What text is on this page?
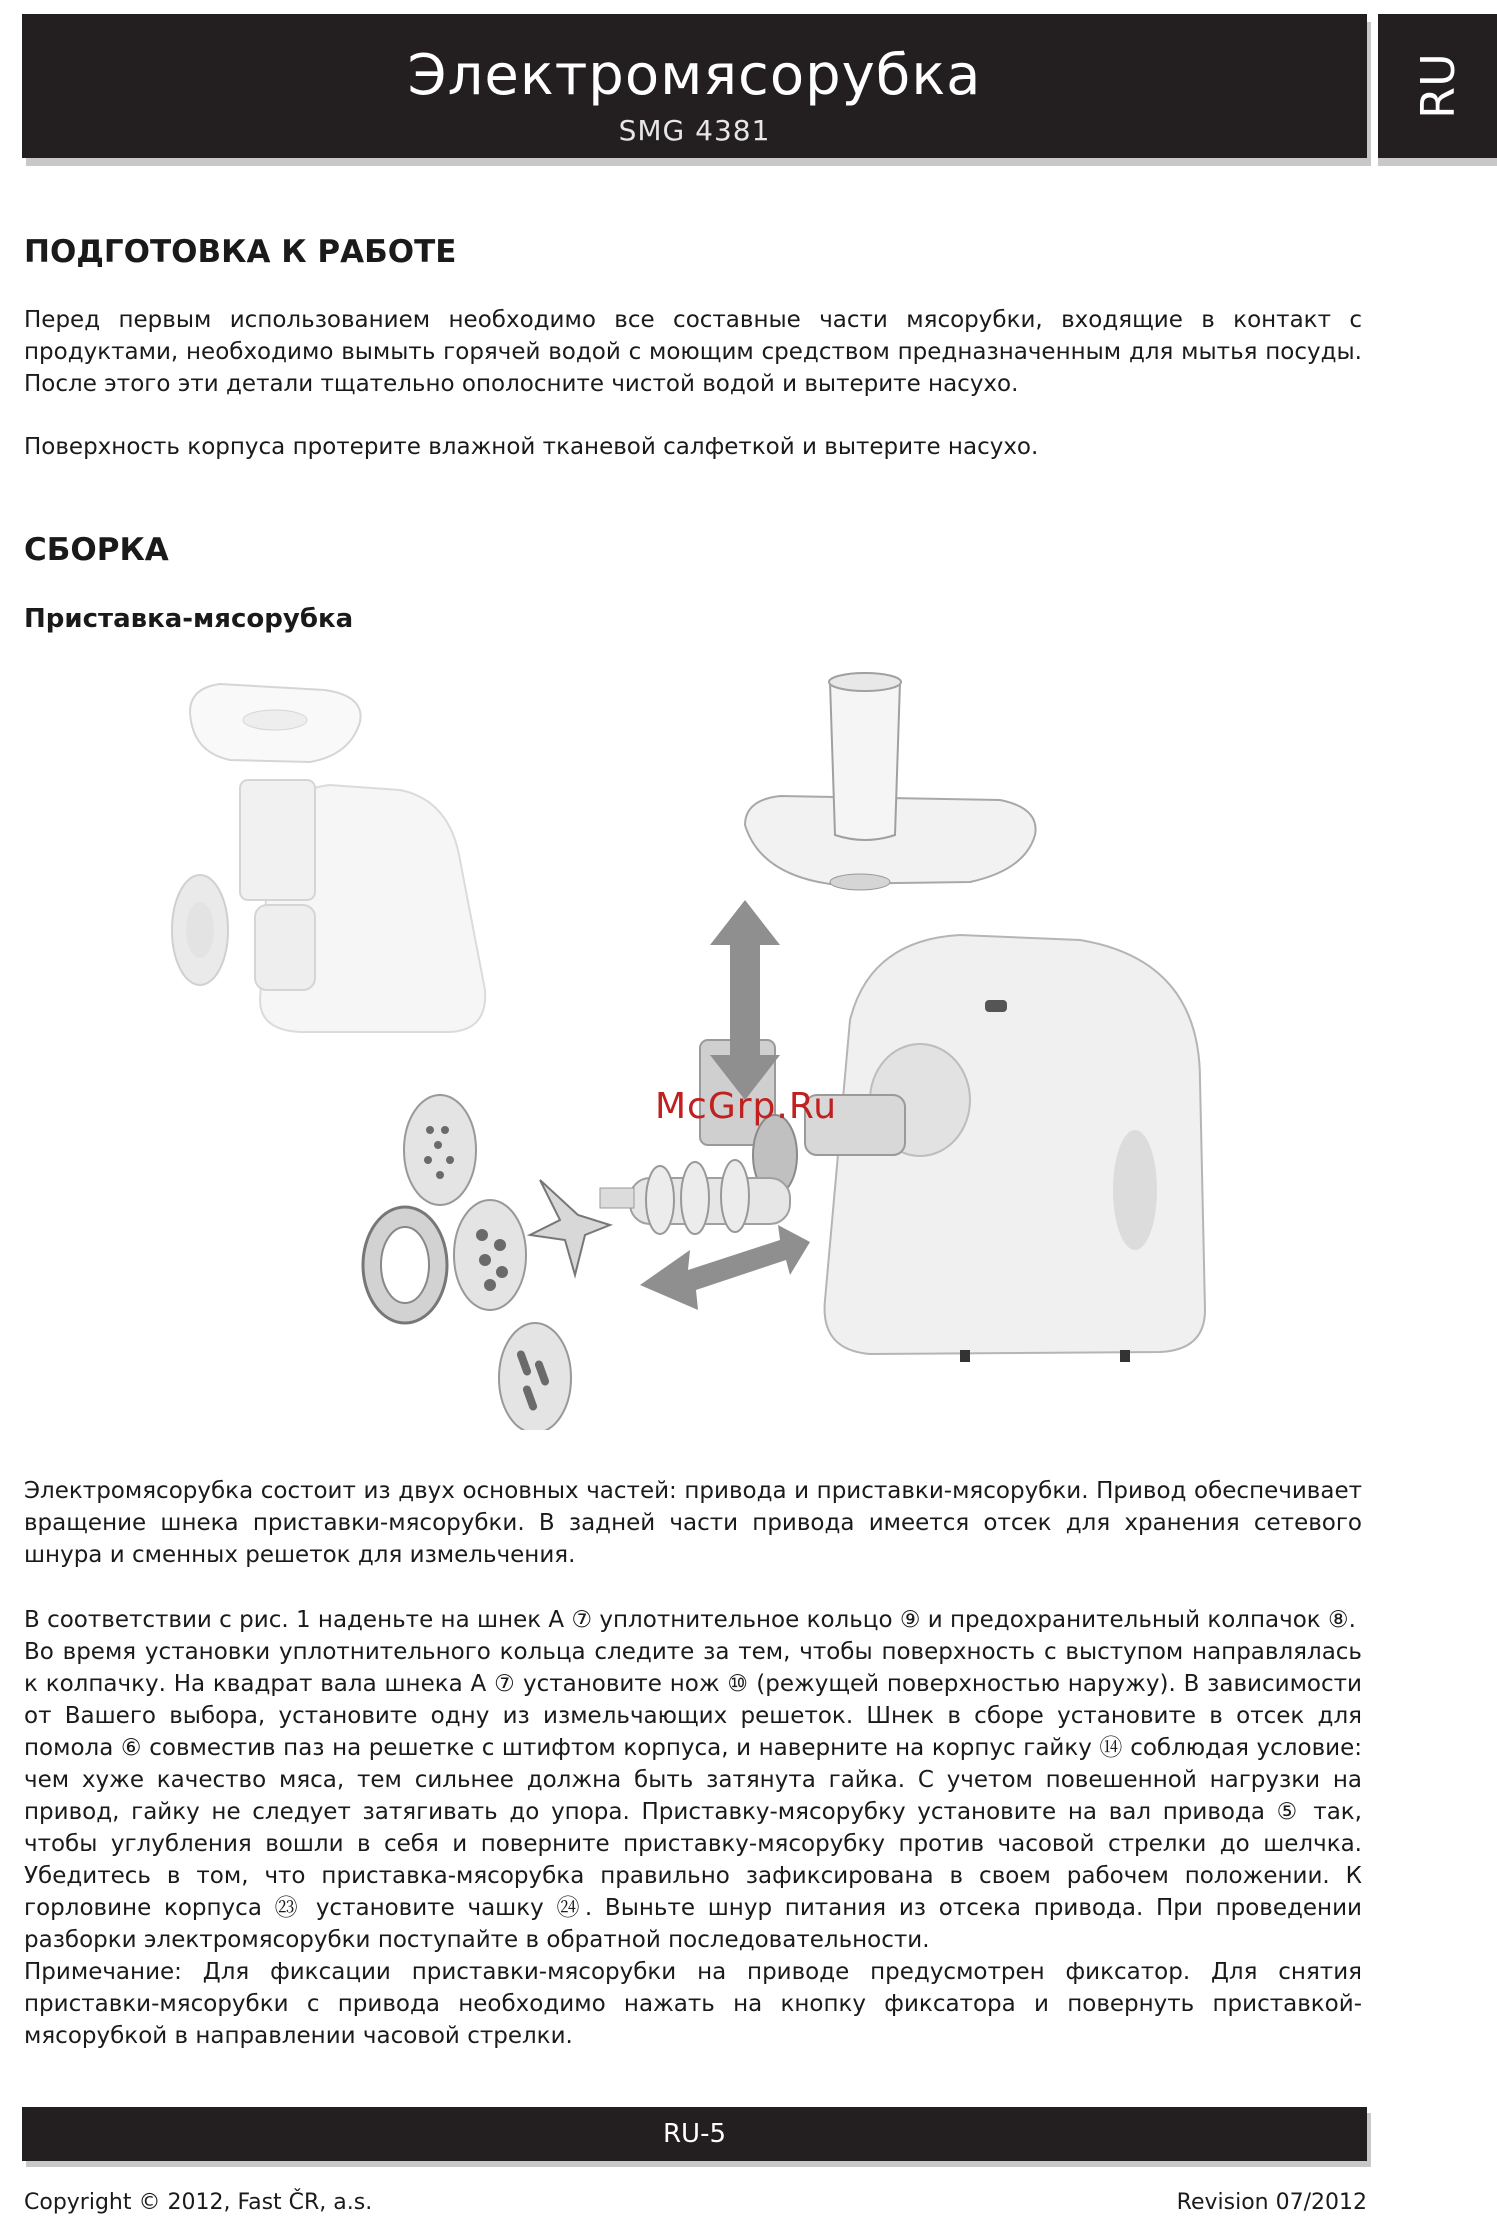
Электромясорубка
SMG 4381
RU
ПОДГОТОВКА К РАБОТЕ

Перед первым использованием необходимо все составные части мясорубки, входящие в контакт с продуктами, необходимо вымыть горячей водой с моющим средством предназначенным для мытья посуды. После этого эти детали тщательно ополосните чистой водой и вытерите насухо.

Поверхность корпуса протерите влажной тканевой салфеткой и вытерите насухо.

СБОРКА
Приставка-мясорубка
McGrp.Ru

Электромясорубка состоит из двух основных частей: привода и приставки-мясорубки. Привод обеспечивает вращение шнека приставки-мясорубки. В задней части привода имеется отсек для хранения сетевого шнура и сменных решеток для измельчения.

В соответствии с рис. 1 наденьте на шнек А ⑦ уплотнительное кольцо ⑨ и предохранительный колпачок ⑧.

Во время установки уплотнительного кольца следите за тем, чтобы поверхность с выступом направлялась к колпачку. На квадрат вала шнека А ⑦ установите нож ⑩ (режущей поверхностью наружу). В зависимости от Вашего выбора, установите одну из измельчающих решеток. Шнек в сборе установите в отсек для помола ⑥ совместив паз на решетке с штифтом корпуса, и наверните на корпус гайку ⑭ соблюдая условие: чем хуже качество мяса, тем сильнее должна быть затянута гайка. С учетом повешенной нагрузки на привод, гайку не следует затягивать до упора. Приставку-мясорубку установите на вал привода ⑤ так, чтобы углубления вошли в себя и поверните приставку-мясорубку против часовой стрелки до шелчка. Убедитесь в том, что приставка-мясорубка правильно зафиксирована в своем рабочем положении. К горловине корпуса ㉓ установите чашку ㉔. Выньте шнур питания из отсека привода. При проведении разборки электромясорубки поступайте в обратной последовательности.

Примечание: Для фиксации приставки-мясорубки на приводе предусмотрен фиксатор. Для снятия приставки-мясорубки с привода необходимо нажать на кнопку фиксатора и повернуть приставкой-мясорубкой в направлении часовой стрелки.

RU-5
Copyright © 2012, Fast ČR, a.s.	Revision 07/2012
